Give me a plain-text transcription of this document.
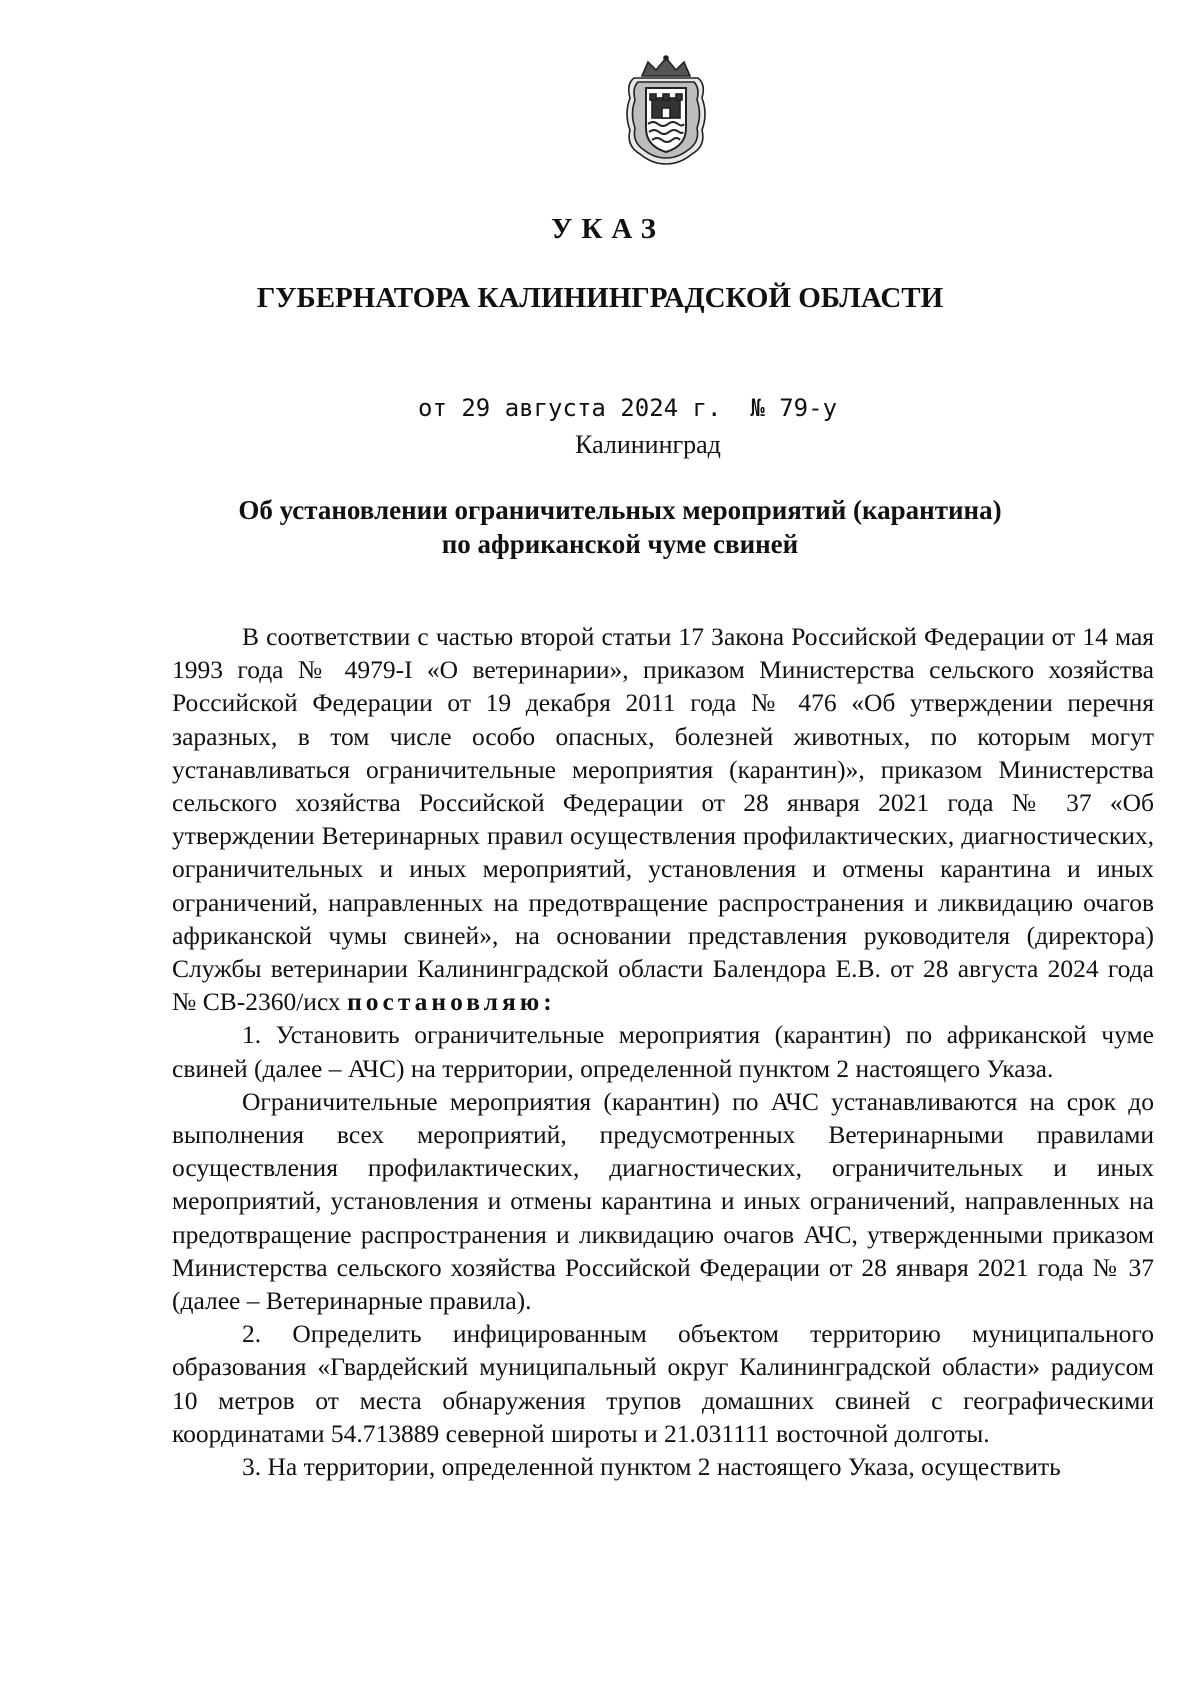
УКАЗ
ГУБЕРНАТОРА КАЛИНИНГРАДСКОЙ ОБЛАСТИ
от 29 августа 2024 г.  № 79-у
Калининград
Об установлении ограничительных мероприятий (карантина)
по африканской чуме свиней

В соответствии с частью второй статьи 17 Закона Российской Федерации от 14 мая 1993 года № 4979-I «О ветеринарии», приказом Министерства сельского хозяйства Российской Федерации от 19 декабря 2011 года № 476 «Об утверждении перечня заразных, в том числе особо опасных, болезней животных, по которым могут устанавливаться ограничительные мероприятия (карантин)», приказом Министерства сельского хозяйства Российской Федерации от 28 января 2021 года № 37 «Об утверждении Ветеринарных правил осуществления профилактических, диагностических, ограничительных и иных мероприятий, установления и отмены карантина и иных ограничений, направленных на предотвращение распространения и ликвидацию очагов африканской чумы свиней», на основании представления руководителя (директора) Службы ветеринарии Калининградской области Балендора Е.В. от 28 августа 2024 года № СВ-2360/исх постановляю:

1. Установить ограничительные мероприятия (карантин) по африканской чуме свиней (далее – АЧС) на территории, определенной пунктом 2 настоящего Указа.

Ограничительные мероприятия (карантин) по АЧС устанавливаются на срок до выполнения всех мероприятий, предусмотренных Ветеринарными правилами осуществления профилактических, диагностических, ограничительных и иных мероприятий, установления и отмены карантина и иных ограничений, направленных на предотвращение распространения и ликвидацию очагов АЧС, утвержденными приказом Министерства сельского хозяйства Российской Федерации от 28 января 2021 года № 37 (далее – Ветеринарные правила).

2. Определить инфицированным объектом территорию муниципального образования «Гвардейский муниципальный округ Калининградской области» радиусом 10 метров от места обнаружения трупов домашних свиней с географическими координатами 54.713889 северной широты и 21.031111 восточной долготы.

3. На территории, определенной пунктом 2 настоящего Указа, осуществить
